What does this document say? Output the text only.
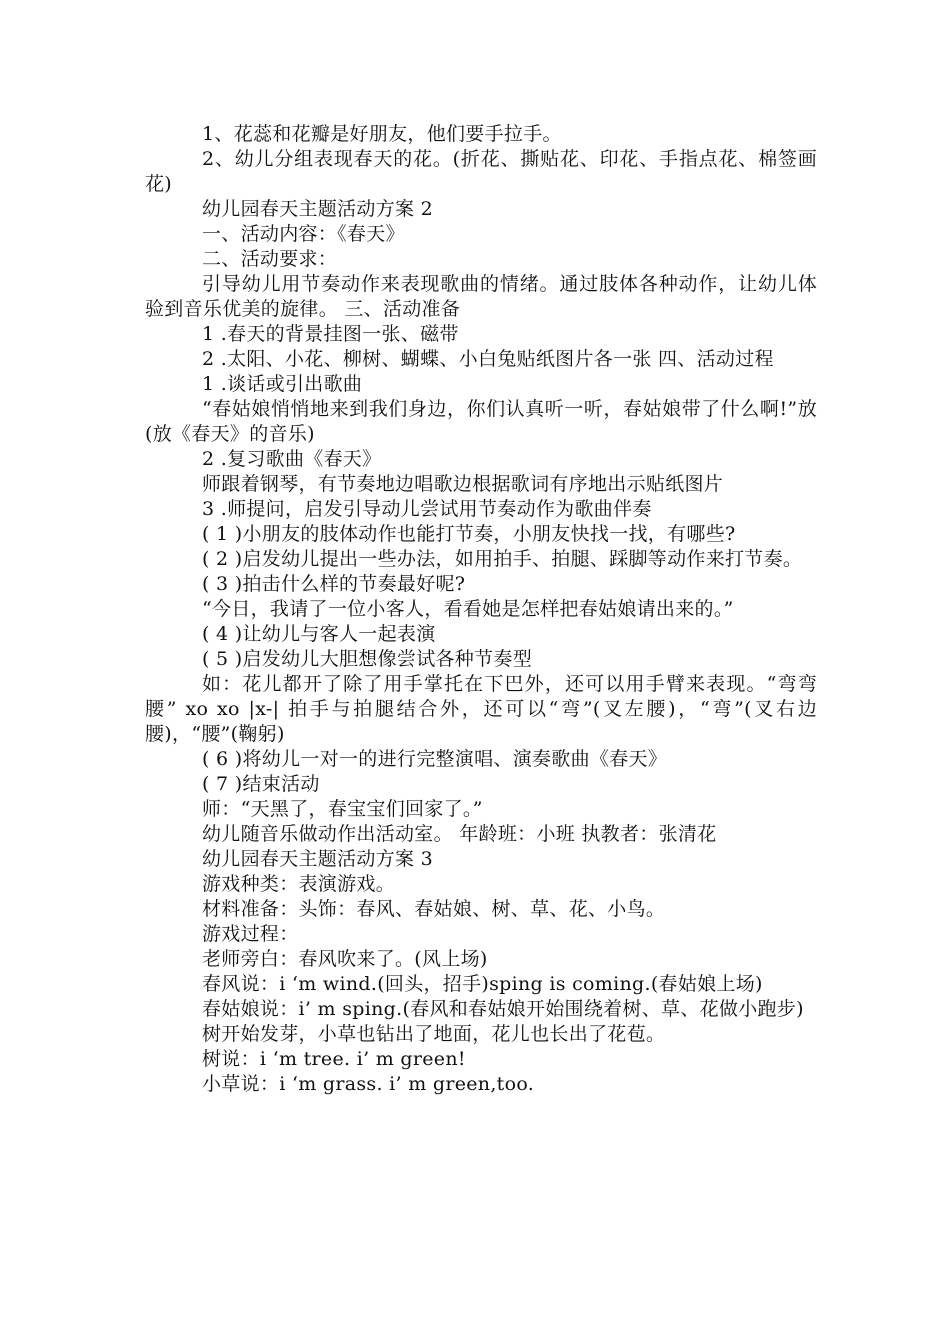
1、花蕊和花瓣是好朋友，他们要手拉手。

2、幼儿分组表现春天的花。(折花、撕贴花、印花、手指点花、棉签画花)

幼儿园春天主题活动方案 2

一、活动内容：《春天》

二、活动要求：

引导幼儿用节奏动作来表现歌曲的情绪。通过肢体各种动作，让幼儿体验到音乐优美的旋律。 三、活动准备

1 .春天的背景挂图一张、磁带

2 .太阳、小花、柳树、蝴蝶、小白兔贴纸图片各一张 四、活动过程

1 .谈话或引出歌曲

“春姑娘悄悄地来到我们身边，你们认真听一听，春姑娘带了什么啊!”放(放《春天》的音乐)

2 .复习歌曲《春天》

师跟着钢琴，有节奏地边唱歌边根据歌词有序地出示贴纸图片

3 .师提问，启发引导动儿尝试用节奏动作为歌曲伴奏

( 1 )小朋友的肢体动作也能打节奏，小朋友快找一找，有哪些?

( 2 )启发幼儿提出一些办法，如用拍手、拍腿、踩脚等动作来打节奏。

( 3 )拍击什么样的节奏最好呢?

“今日，我请了一位小客人，看看她是怎样把春姑娘请出来的。”

( 4 )让幼儿与客人一起表演

( 5 )启发幼儿大胆想像尝试各种节奏型

如：花儿都开了除了用手掌托在下巴外，还可以用手臂来表现。“弯弯腰” xo xo |x-| 拍手与拍腿结合外，还可以“弯”(叉左腰)，“弯”(叉右边腰)，“腰”(鞠躬)

( 6 )将幼儿一对一的进行完整演唱、演奏歌曲《春天》

( 7 )结束活动

师：“天黑了，春宝宝们回家了。”

幼儿随音乐做动作出活动室。 年龄班：小班 执教者：张清花

幼儿园春天主题活动方案 3

游戏种类：表演游戏。

材料准备：头饰：春风、春姑娘、树、草、花、小鸟。

游戏过程：

老师旁白：春风吹来了。(风上场)

春风说：i ‘m wind.(回头，招手)sping is coming.(春姑娘上场)

春姑娘说：i’ m sping.(春风和春姑娘开始围绕着树、草、花做小跑步)

树开始发芽，小草也钻出了地面，花儿也长出了花苞。

树说：i ‘m tree. i’ m green!

小草说：i ‘m grass. i’ m green,too.
